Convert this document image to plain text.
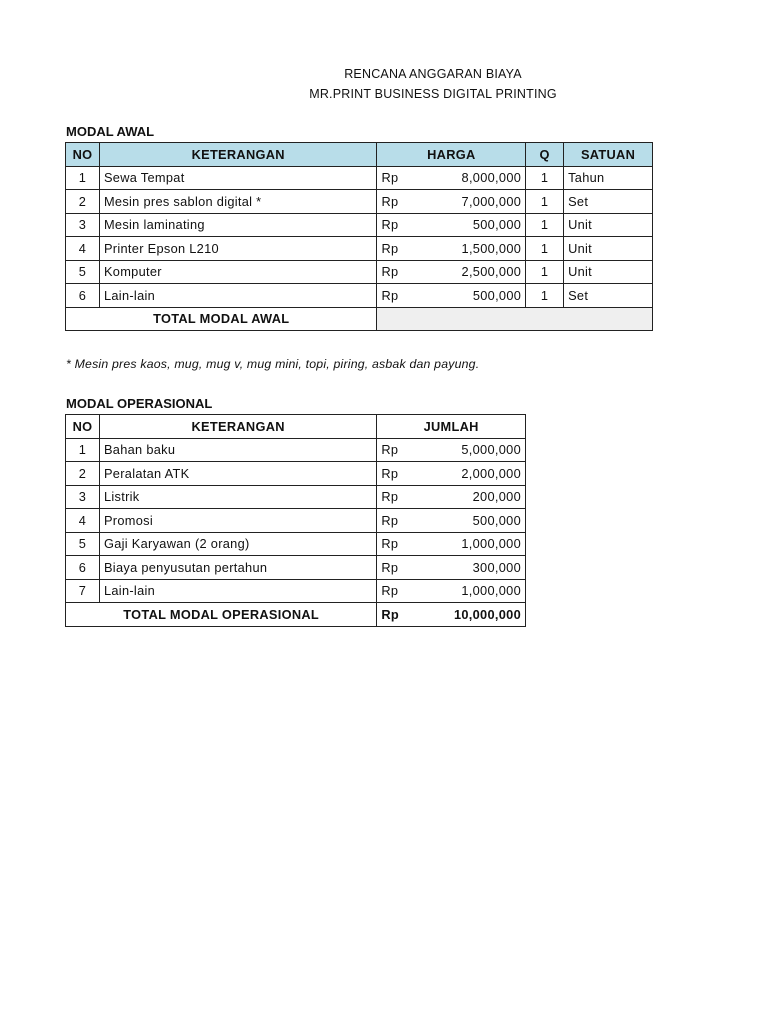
RENCANA ANGGARAN BIAYA
MR.PRINT BUSINESS DIGITAL PRINTING
MODAL AWAL
NO	KETERANGAN	HARGA	Q	SATUAN
1	Sewa Tempat	Rp 8,000,000	1	Tahun
2	Mesin pres sablon digital *	Rp 7,000,000	1	Set
3	Mesin laminating	Rp 500,000	1	Unit
4	Printer Epson L210	Rp 1,500,000	1	Unit
5	Komputer	Rp 2,500,000	1	Unit
6	Lain-lain	Rp 500,000	1	Set
TOTAL MODAL AWAL				
* Mesin pres kaos, mug, mug v, mug mini, topi, piring, asbak dan payung.
MODAL OPERASIONAL
NO	KETERANGAN	JUMLAH
1	Bahan baku	Rp 5,000,000

2	Peralatan ATK	Rp 2,000,000

3	Listrik	Rp 200,000

4	Promosi	Rp 500,000

5	Gaji Karyawan (2 orang)	Rp 1,000,000

6	Biaya penyusutan pertahun	Rp 300,000

7	Lain-lain	Rp 1,000,000

TOTAL MODAL OPERASIONAL		Rp 10,000,000
